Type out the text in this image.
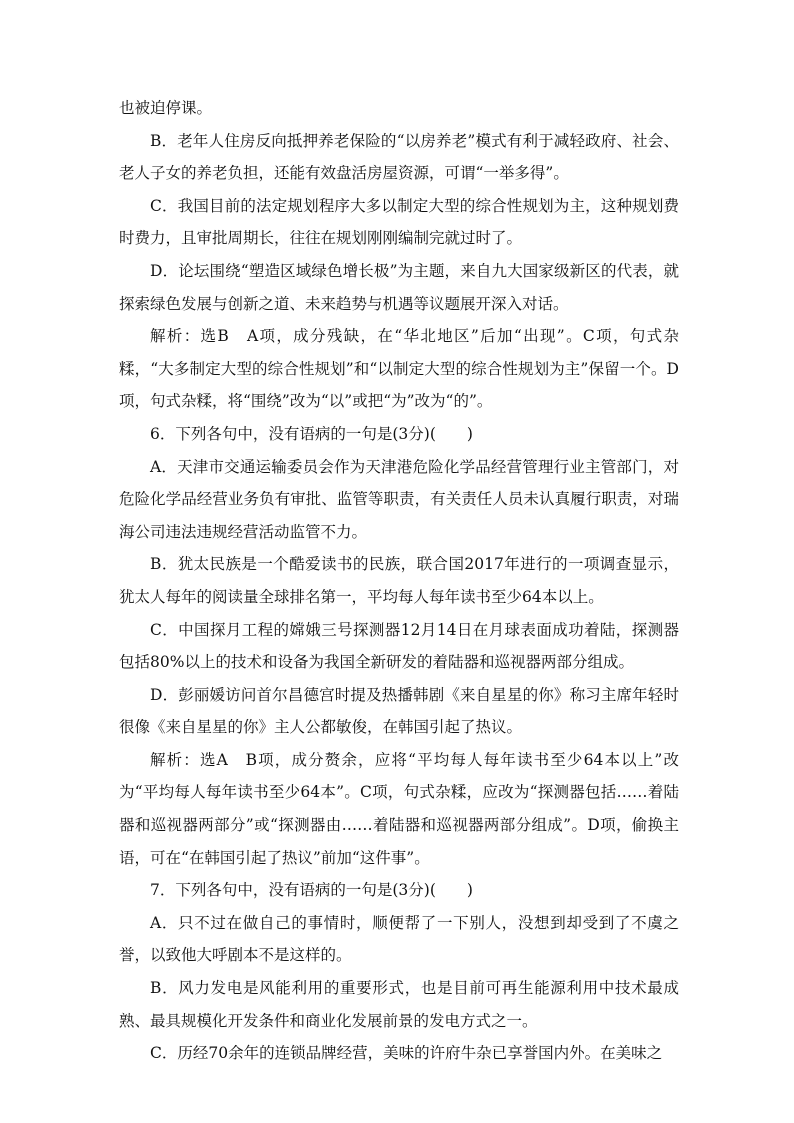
也被迫停课。

B．老年人住房反向抵押养老保险的“以房养老”模式有利于减轻政府、社会、老人子女的养老负担，还能有效盘活房屋资源，可谓“一举多得”。

C．我国目前的法定规划程序大多以制定大型的综合性规划为主，这种规划费时费力，且审批周期长，往往在规划刚刚编制完就过时了。

D．论坛围绕“塑造区域绿色增长极”为主题，来自九大国家级新区的代表，就探索绿色发展与创新之道、未来趋势与机遇等议题展开深入对话。

解析：选B　A项，成分残缺，在“华北地区”后加“出现”。C项，句式杂糅，“大多制定大型的综合性规划”和“以制定大型的综合性规划为主”保留一个。D项，句式杂糅，将“围绕”改为“以”或把“为”改为“的”。

6．下列各句中，没有语病的一句是(3分)(　　)

A．天津市交通运输委员会作为天津港危险化学品经营管理行业主管部门，对危险化学品经营业务负有审批、监管等职责，有关责任人员未认真履行职责，对瑞海公司违法违规经营活动监管不力。

B．犹太民族是一个酷爱读书的民族，联合国2017年进行的一项调查显示，犹太人每年的阅读量全球排名第一，平均每人每年读书至少64本以上。

C．中国探月工程的嫦娥三号探测器12月14日在月球表面成功着陆，探测器包括80%以上的技术和设备为我国全新研发的着陆器和巡视器两部分组成。

D．彭丽媛访问首尔昌德宫时提及热播韩剧《来自星星的你》称习主席年轻时很像《来自星星的你》主人公都敏俊，在韩国引起了热议。

解析：选A　B项，成分赘余，应将“平均每人每年读书至少64本以上”改为“平均每人每年读书至少64本”。C项，句式杂糅，应改为“探测器包括……着陆器和巡视器两部分”或“探测器由……着陆器和巡视器两部分组成”。D项，偷换主语，可在“在韩国引起了热议”前加“这件事”。

7．下列各句中，没有语病的一句是(3分)(　　)

A．只不过在做自己的事情时，顺便帮了一下别人，没想到却受到了不虞之誉，以致他大呼剧本不是这样的。

B．风力发电是风能利用的重要形式，也是目前可再生能源利用中技术最成熟、最具规模化开发条件和商业化发展前景的发电方式之一。

C．历经70余年的连锁品牌经营，美味的许府牛杂已享誉国内外。在美味之
